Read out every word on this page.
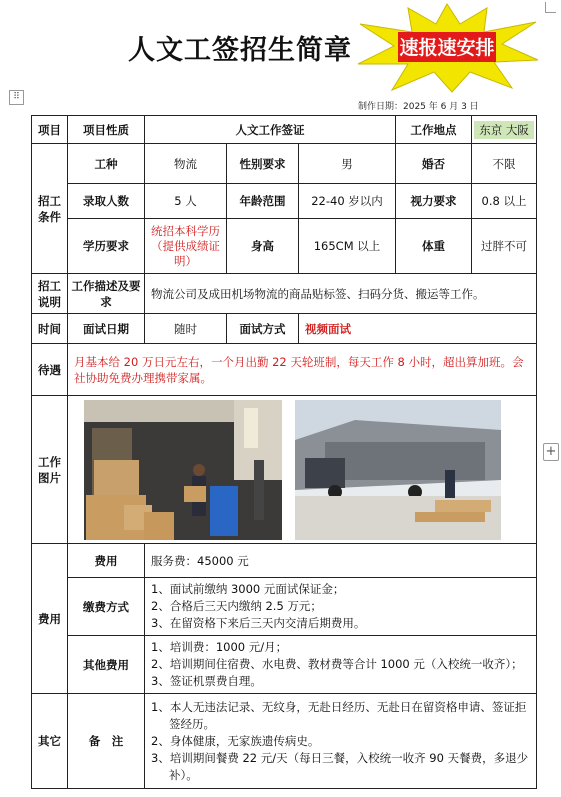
人文工签招生简章 速报速安排
⠿
+
制作日期：2025 年 6 月 3 日
项目	项目性质	人文工作签证			工作地点	东京 大阪
招工
条件	工种	物流	性别要求	男	婚否	不限
	录取人数	5 人	年龄范围	22-40 岁以内	视力要求	0.8 以上
	学历要求	统招本科学历（提供成绩证明）	身高	165CM 以上	体重	过胖不可
招工
说明	工作描述及要求	物流公司及成田机场物流的商品贴标签、扫码分货、搬运等工作。				
时间	面试日期	随时	面试方式	视频面试		
待遇	月基本给 20 万日元左右，一个月出勤 22 天轮班制，每天工作 8 小时，超出算加班。会社协助免费办理携带家属。					
工作
图片	

费用	费用	服务费：45000 元				
	缴费方式	1、面试前缴纳 3000 元面试保证金；
2、合格后三天内缴纳 2.5 万元；
3、在留资格下来后三天内交清后期费用。				

	其他费用	1、培训费：1000 元/月；
2、培训期间住宿费、水电费、教材费等合计 1000 元（入校统一收齐）；
3、签证机票费自理。				

其它	备　注	1、本人无违法记录、无纹身，无赴日经历、无赴日在留资格申请、签证拒签经历。
2、身体健康，无家族遗传病史。
3、培训期间餐费 22 元/天（每日三餐，入校统一收齐 90 天餐费，多退少补）。				
